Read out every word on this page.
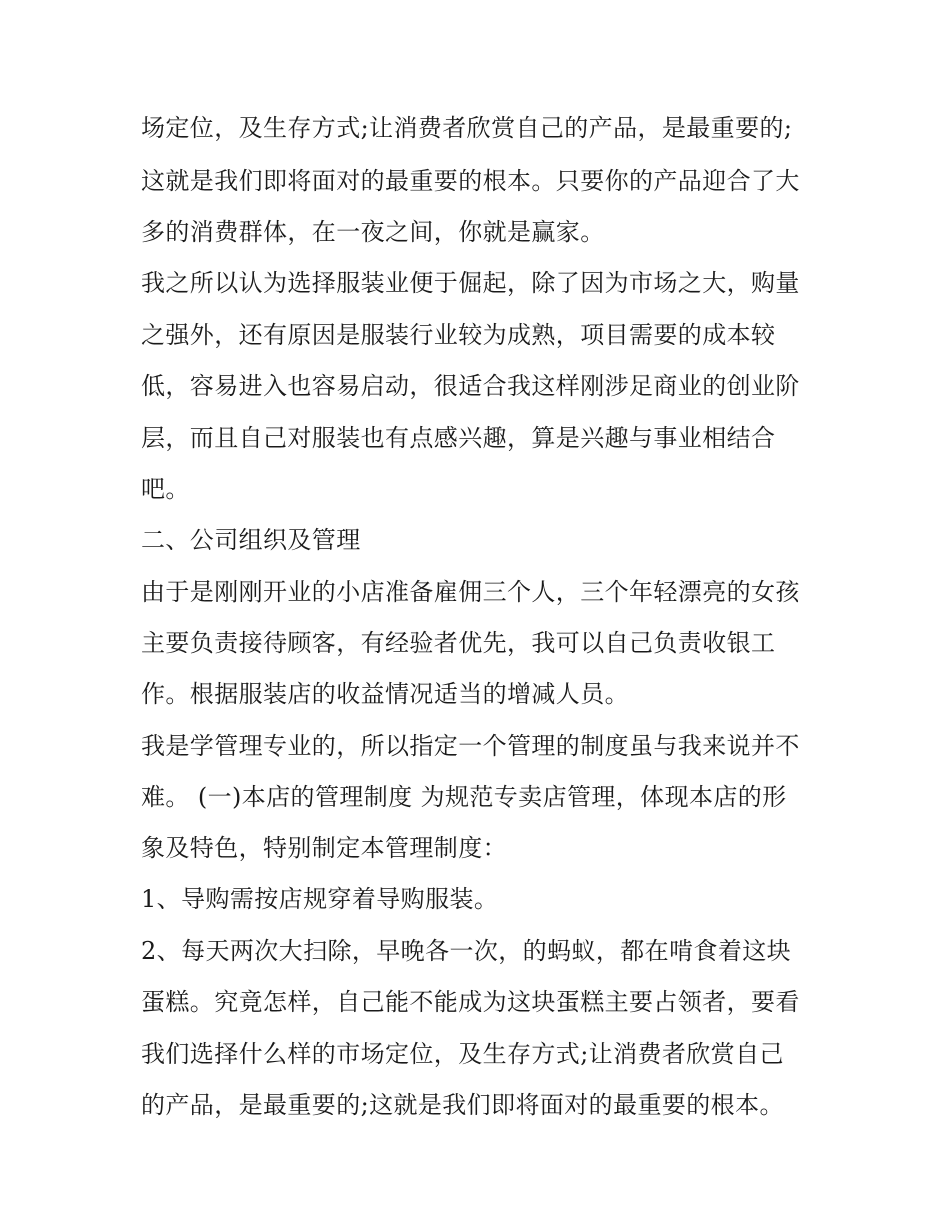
场定位，及生存方式;让消费者欣赏自己的产品，是最重要的;
这就是我们即将面对的最重要的根本。只要你的产品迎合了大
多的消费群体，在一夜之间，你就是赢家。
我之所以认为选择服装业便于倔起，除了因为市场之大，购量
之强外，还有原因是服装行业较为成熟，项目需要的成本较
低，容易进入也容易启动，很适合我这样刚涉足商业的创业阶
层，而且自己对服装也有点感兴趣，算是兴趣与事业相结合
吧。
二、公司组织及管理
由于是刚刚开业的小店准备雇佣三个人，三个年轻漂亮的女孩
主要负责接待顾客，有经验者优先，我可以自己负责收银工
作。根据服装店的收益情况适当的增减人员。
我是学管理专业的，所以指定一个管理的制度虽与我来说并不
难。 (一)本店的管理制度 为规范专卖店管理，体现本店的形
象及特色，特别制定本管理制度：
1、导购需按店规穿着导购服装。
2、每天两次大扫除，早晚各一次，的蚂蚁，都在啃食着这块
蛋糕。究竟怎样，自己能不能成为这块蛋糕主要占领者，要看
我们选择什么样的市场定位，及生存方式;让消费者欣赏自己
的产品，是最重要的;这就是我们即将面对的最重要的根本。
